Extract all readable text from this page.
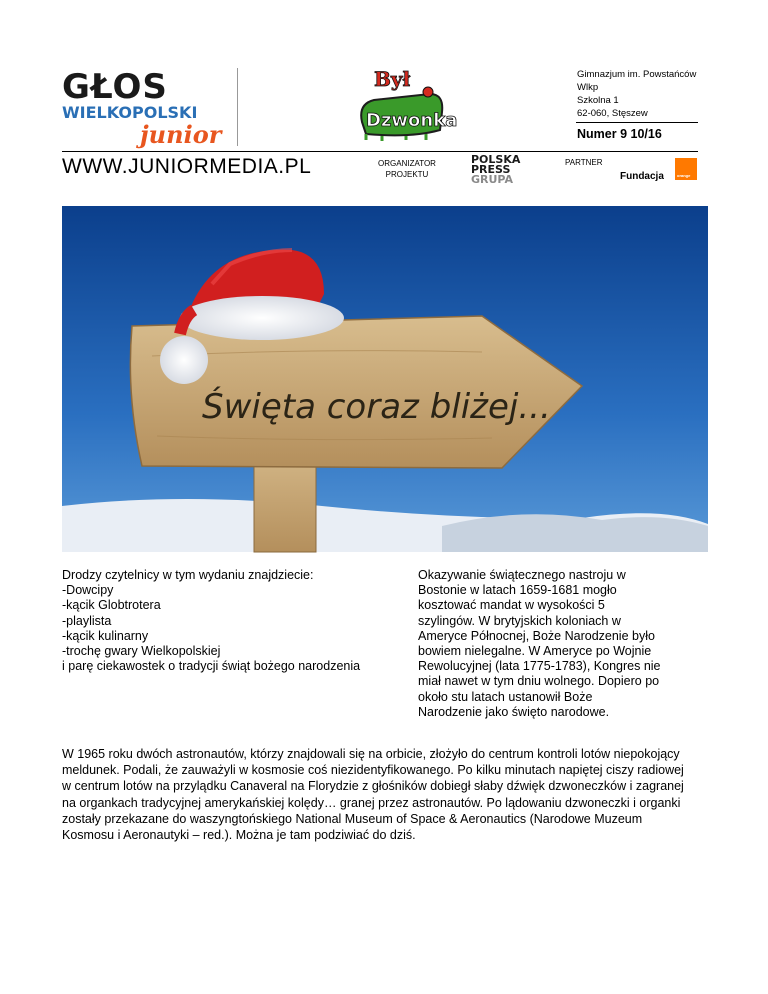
GŁOS
WIELKOPOLSKI
junior
Był
Dzwonka
Gimnazjum im. Powstańców
Wlkp
Szkolna 1
62-060, Stęszew
Numer 9 10/16
WWW.JUNIORMEDIA.PL	ORGANIZATOR
PROJEKTU
POLSKA
PRESS
GRUPA
PARTNER
Fundacja	orange
Święta coraz bliżej...
Drodzy czytelnicy w tym wydaniu znajdziecie:
-Dowcipy
-kącik Globtrotera
-playlista
-kącik kulinarny
-trochę gwary Wielkopolskiej
i parę ciekawostek o tradycji świąt bożego narodzenia
Okazywanie świątecznego nastroju w
Bostonie w latach 1659-1681 mogło
kosztować mandat w wysokości 5
szylingów. W brytyjskich koloniach w
Ameryce Północnej, Boże Narodzenie było
bowiem nielegalne. W Ameryce po Wojnie
Rewolucyjnej (lata 1775-1783), Kongres nie
miał nawet w tym dniu wolnego. Dopiero po
około stu latach ustanowił Boże
Narodzenie jako święto narodowe.
W 1965 roku dwóch astronautów, którzy znajdowali się na orbicie, złożyło do centrum kontroli lotów niepokojący
meldunek. Podali, że zauważyli w kosmosie coś niezidentyfikowanego. Po kilku minutach napiętej ciszy radiowej
w centrum lotów na przylądku Canaveral na Florydzie z głośników dobiegł słaby dźwięk dzwoneczków i zagranej
na organkach tradycyjnej amerykańskiej kolędy… granej przez astronautów. Po lądowaniu dzwoneczki i organki
zostały przekazane do waszyngtońskiego National Museum of Space & Aeronautics (Narodowe Muzeum
Kosmosu i Aeronautyki – red.). Można je tam podziwiać do dziś.
